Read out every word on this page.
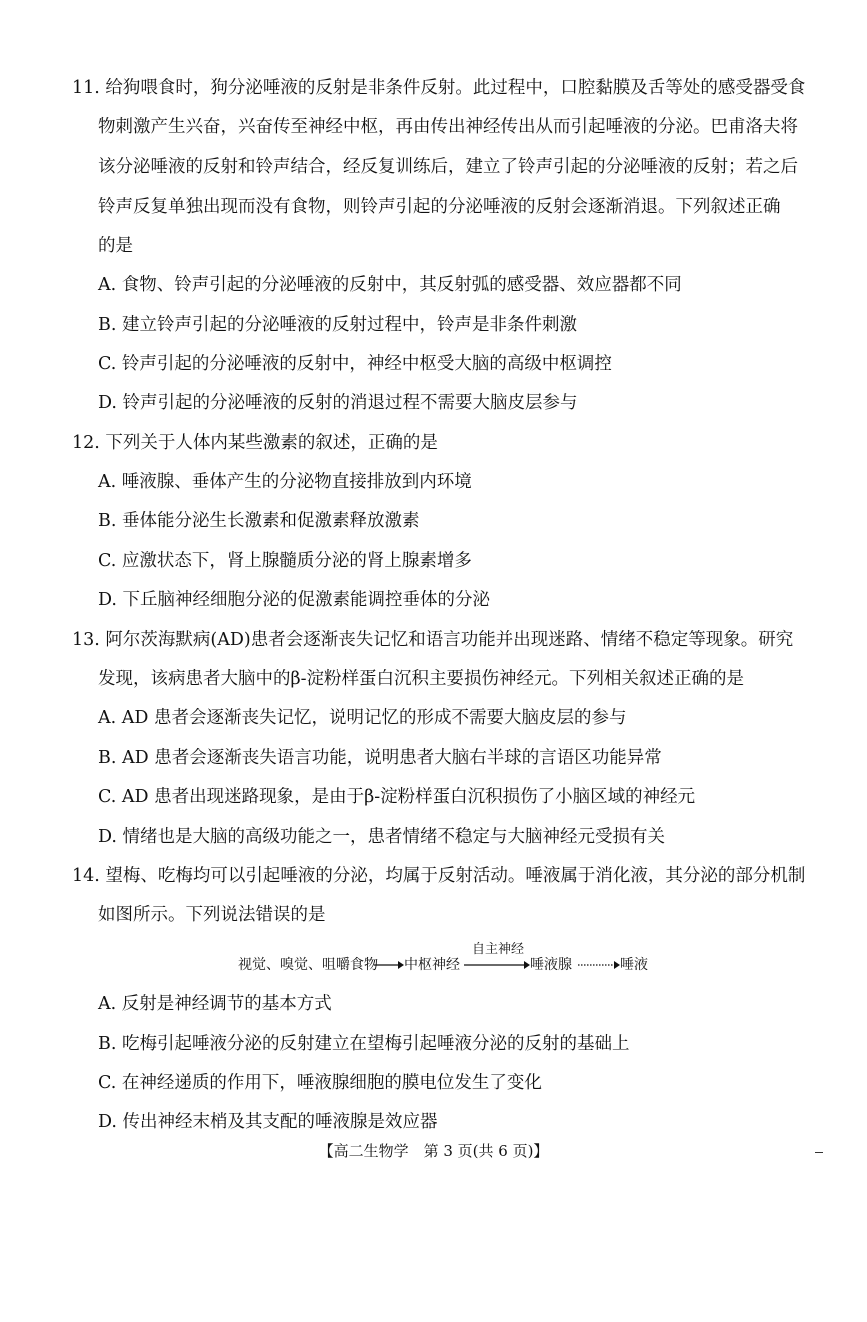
11. 给狗喂食时，狗分泌唾液的反射是非条件反射。此过程中，口腔黏膜及舌等处的感受器受食
物刺激产生兴奋，兴奋传至神经中枢，再由传出神经传出从而引起唾液的分泌。巴甫洛夫将
该分泌唾液的反射和铃声结合，经反复训练后，建立了铃声引起的分泌唾液的反射；若之后
铃声反复单独出现而没有食物，则铃声引起的分泌唾液的反射会逐渐消退。下列叙述正确
的是
A. 食物、铃声引起的分泌唾液的反射中，其反射弧的感受器、效应器都不同
B. 建立铃声引起的分泌唾液的反射过程中，铃声是非条件刺激
C. 铃声引起的分泌唾液的反射中，神经中枢受大脑的高级中枢调控
D. 铃声引起的分泌唾液的反射的消退过程不需要大脑皮层参与
12. 下列关于人体内某些激素的叙述，正确的是
A. 唾液腺、垂体产生的分泌物直接排放到内环境
B. 垂体能分泌生长激素和促激素释放激素
C. 应激状态下，肾上腺髓质分泌的肾上腺素增多
D. 下丘脑神经细胞分泌的促激素能调控垂体的分泌
13. 阿尔茨海默病(AD)患者会逐渐丧失记忆和语言功能并出现迷路、情绪不稳定等现象。研究
发现，该病患者大脑中的β-淀粉样蛋白沉积主要损伤神经元。下列相关叙述正确的是
A. AD 患者会逐渐丧失记忆，说明记忆的形成不需要大脑皮层的参与
B. AD 患者会逐渐丧失语言功能，说明患者大脑右半球的言语区功能异常
C. AD 患者出现迷路现象，是由于β-淀粉样蛋白沉积损伤了小脑区域的神经元
D. 情绪也是大脑的高级功能之一，患者情绪不稳定与大脑神经元受损有关
14. 望梅、吃梅均可以引起唾液的分泌，均属于反射活动。唾液属于消化液，其分泌的部分机制
如图所示。下列说法错误的是
视觉、嗅觉、咀嚼食物 中枢神经
自主神经
唾液腺	唾液
A. 反射是神经调节的基本方式
B. 吃梅引起唾液分泌的反射建立在望梅引起唾液分泌的反射的基础上
C. 在神经递质的作用下，唾液腺细胞的膜电位发生了变化
D. 传出神经末梢及其支配的唾液腺是效应器
【高二生物学　第 3 页(共 6 页)】
